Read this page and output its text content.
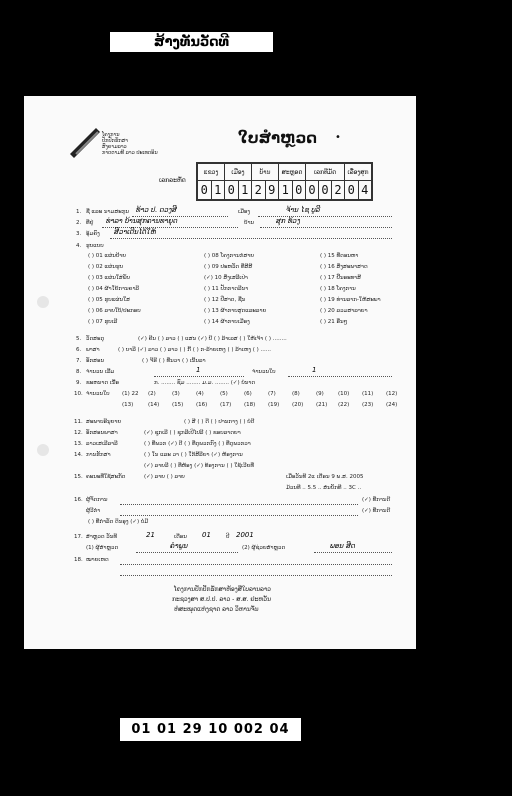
ສ້າງທັນວັດທີ
ໂຄງການ
ປັກປັກຮັກສາ
ສົງຄາມລາວ
ກາດຕາມທີ ລາວ ປະເທດອິນ
ໃບສຳຫຼວດ •
ເລກລະຫັດ
ແຂວງ		ເມືອງ		ບ້ານ		ສະຫຼອດ		ເລກທີມັດ			ເລື່ອງສຸກ	
0	1	0	1	2	9	1	0	0	0	2	0	4
1. ຊື່ ແລະ ນາມສະກຸນ ທ້າວ ປ. ດວງສີ	ເມືອງ	ຈ້ານ ໄຊ ບູລີ
2. ທີ່ຢູ່ ທ່າລາ ບ້ານສຸກຄານທາຍຸດ	ບ້ານ	ສຸກ ທ້ວງ
3. ອຸ້ມຄົງ ສີວາເດີນໄດ້ໃຫ້
4. ຮູບແບບ
( ) 01 ແຜ່ນປ້າຍ	( ) 08 ໂຄງການກໍສາຍ	( ) 15 ທີ່ດອນຫາ
( ) 02 ແຜ່ນຮູບ	( ) 09 ປະຫວັດ ທີ່ສີສີ	( ) 16 ສິ່ງສະພາສາດ
( ) 03 ແຜ່ນໃສ່ພັບ	(✓) 10 ສິ່ງເສລີເປ່າ	( ) 17 ປື້ນອະທາສີ
( ) 04 ຜ້າໃຍ້ການຄາລີ	( ) 11 ປັກກາດລີນາ	( ) 18 ໂຄງການ
( ) 05 ຮູບແຜ່ນໃສ	( ) 12 ປີ່ສາດ, ຊື່ນ	( ) 19 ທ່ານລາກ-ໃຫ້ສະພາ
( ) 06 ລາຍໃບ້/ປະກອບ	( ) 13 ຜ້າກາບສູດແລະລາຍ	( ) 20 ລວມສາລາຍາ
( ) 07 ຮູບເລີ	( ) 14 ຜ້າກາບເມືອງ	( ) 21 ອື່ນໆ
5. ວັດສະດຸ	(✓) ຄີນ ( ) ລາວ ( ) ແສນ (✓) ບີ ( ) ລ້າເລສ ( ) ໃຫ້ເຈ້າ ( ) ........
6. ພາສາ	( ) ບາລີ (✓) ລາວ ( ) ລາວ ( ) ກ້ີ ( ) ກ-ລ້າຍເຫງ ( ) ລ້າເຫງ ( ) ......
7. ອັກສອນ	( ) ຈີຣີ ( ) ທີ່ນວາ ( ) ເນິ້ນລາ
8. ຈຳນວນ ເລີ້ມ	1	ຈຳນວນໃບ	1
9. ຂະຫນາດ ເນື້ອ	ກ. ........ ຊົມ ........ ມ.ມ. ........ (✓) ບໍ່ນາດ
10. ຈຳນວນໃບ (1) 22 (2)	(3)	(4)	(5)	(6)	(7)	(8)	(9)	(10) (11) (12)
(13)	(14) (15) (16) (17) (18) (19) (20) (21) (22) (23) (24)
11. ສະພາບອີນຸຍາຍ	( ) ສີ ( ) ດີ ( ) ປານກາງ ( ) ບໍ່ດີ
12. ອັກສອນພາສາ	(✓) ຊຸກເລີ ( ) ຊຸກລີເປີໄປລີ ( ) ຂອບລາດຍາ
13. ລາວເສເລີລາລີ	( ) ທີ່ພວກ (✓) ດີ ( ) ທີ່ດູພວກກົງ ( ) ທີ່ດູພວກວາ
14. ການຮັກສາ	( ) ໃນ ແລະ ວາ ( ) ໃກ້ສີລີຍາ (✓) ຫ້ອງການ
(✓) ລາຍລີ ( ) ທີ່ຫ້ອງ (✓) ທ້ອງການ ( ) ໃຊ້ເວີຍທີ່
15. ຄະນະທີ່ໃຊ້ສະກັດ	(✓) ລາຍ ( ) ລາຍ	ເມື່ອວັນທີ 2ແ ເດືອນ 9 ພ.ສ. 2005
ມ້ວນທີ .. 5.5 .. ສໍນບັກທີ .. 3C ..
16. ຜູ້ຈັດການ	(✓) ທີ່ການດີ
ຜູ້ວີກຳ	(✓) ທີ່ການດີ
( ) ທີ່ກຳລັດ ດິນອຸງ (✓) ບໍ່ມີ
17. ສຳຫຼວດ ວັນທີ	21	ເດືອນ 01	ປີ 2001
(1) ຜູ້ສຳຫຼວດ	ຄຳພູນ	(2) ຜູ້ຊ່ວຍສຳຫຼວດ	ພອນ ສີດ
18. ໝາຍເຫດ
ໂຄງການປັກປັກຮັກສາຫ້ອງສີໃບລານລາວ
ກະຊວງສາ ສ.ປ.ປ. ລາວ - ສ.ສ. ຢະຫວັນ
ຫໍສະໝຸດແຫ່ງຊາດ ລາວ ວິຫານຈັນ
01 01 29 10 002 04
